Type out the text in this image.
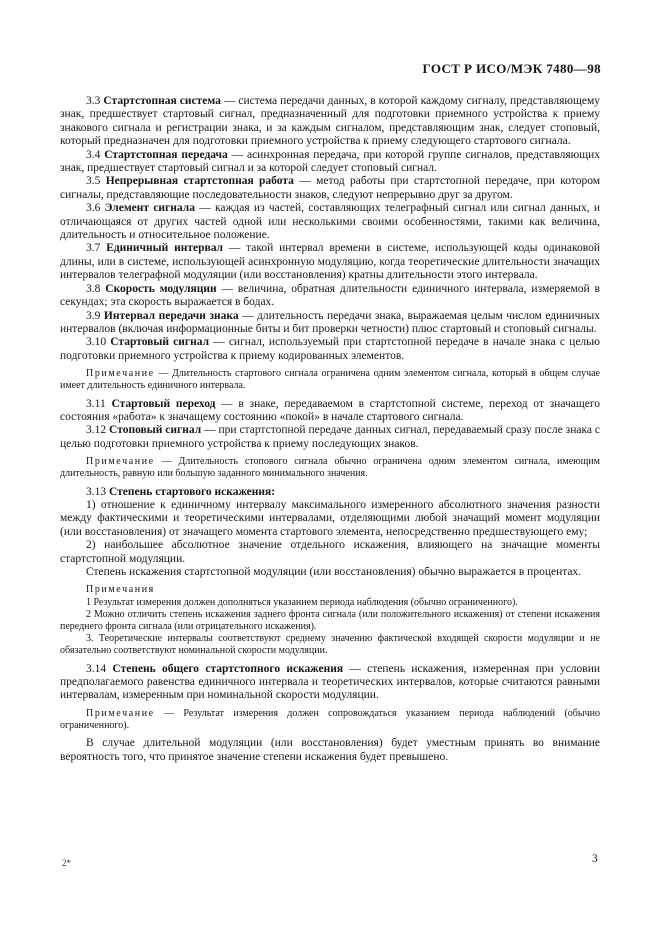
ГОСТ Р ИСО/МЭК 7480—98

3.3 Стартстопная система — система передачи данных, в которой каждому сигналу, представляющему знак, предшествует стартовый сигнал, предназначенный для подготовки приемного устройства к приему знакового сигнала и регистрации знака, и за каждым сигналом, представляющим знак, следует стоповый, который предназначен для подготовки приемного устройства к приему следующего стартового сигнала.

3.4 Стартстопная передача — асинхронная передача, при которой группе сигналов, представляющих знак, предшествует стартовый сигнал и за которой следует стоповый сигнал.

3.5 Непрерывная стартстопная работа — метод работы при стартстопной передаче, при котором сигналы, представляющие последовательности знаков, следуют непрерывно друг за другом.

3.6 Элемент сигнала — каждая из частей, составляющих телеграфный сигнал или сигнал данных, и отличающаяся от других частей одной или несколькими своими особенностями, такими как величина, длительность и относительное положение.

3.7 Единичный интервал — такой интервал времени в системе, использующей коды одинаковой длины, или в системе, использующей асинхронную модуляцию, когда теоретические длительности значащих интервалов телеграфной модуляции (или восстановления) кратны длительности этого интервала.

3.8 Скорость модуляции — величина, обратная длительности единичного интервала, измеряемой в секундах; эта скорость выражается в бодах.

3.9 Интервал передачи знака — длительность передачи знака, выражаемая целым числом единичных интервалов (включая информационные биты и бит проверки четности) плюс стартовый и стоповый сигналы.

3.10 Стартовый сигнал — сигнал, используемый при стартстопной передаче в начале знака с целью подготовки приемного устройства к приему кодированных элементов.

Примечание — Длительность стартового сигнала ограничена одним элементом сигнала, который в общем случае имеет длительность единичного интервала.

3.11 Стартовый переход — в знаке, передаваемом в стартстопной системе, переход от значащего состояния «работа» к значащему состоянию «покой» в начале стартового сигнала.

3.12 Стоповый сигнал — при стартстопной передаче данных сигнал, передаваемый сразу после знака с целью подготовки приемного устройства к приему последующих знаков.

Примечание — Длительность стопового сигнала обычно ограничена одним элементом сигнала, имеющим длительность, равную или большую заданного минимального значения.

3.13 Степень стартового искажения:

1) отношение к единичному интервалу максимального измеренного абсолютного значения разности между фактическими и теоретическими интервалами, отделяющими любой значащий момент модуляции (или восстановления) от значащего момента стартового элемента, непосредственно предшествующего ему;

2) наибольшее абсолютное значение отдельного искажения, влияющего на значащие моменты стартстопной модуляции.

Степень искажения стартстопной модуляции (или восстановления) обычно выражается в процентах.

Примечания

1 Результат измерения должен дополняться указанием периода наблюдения (обычно ограниченного).

2 Можно отличить степень искажения заднего фронта сигнала (или положительного искажения) от степени искажения переднего фронта сигнала (или отрицательного искажения).

3. Теоретические интервалы соответствуют среднему значению фактической входящей скорости модуляции и не обязательно соответствуют номинальной скорости модуляции.

3.14 Степень общего стартстопного искажения — степень искажения, измеренная при условии предполагаемого равенства единичного интервала и теоретических интервалов, которые считаются равными интервалам, измеренным при номинальной скорости модуляции.

Примечание — Результат измерения должен сопровождаться указанием периода наблюдений (обычно ограниченного).

В случае длительной модуляции (или восстановления) будет уместным принять во внимание вероятность того, что принятое значение степени искажения будет превышено.

2*	3
